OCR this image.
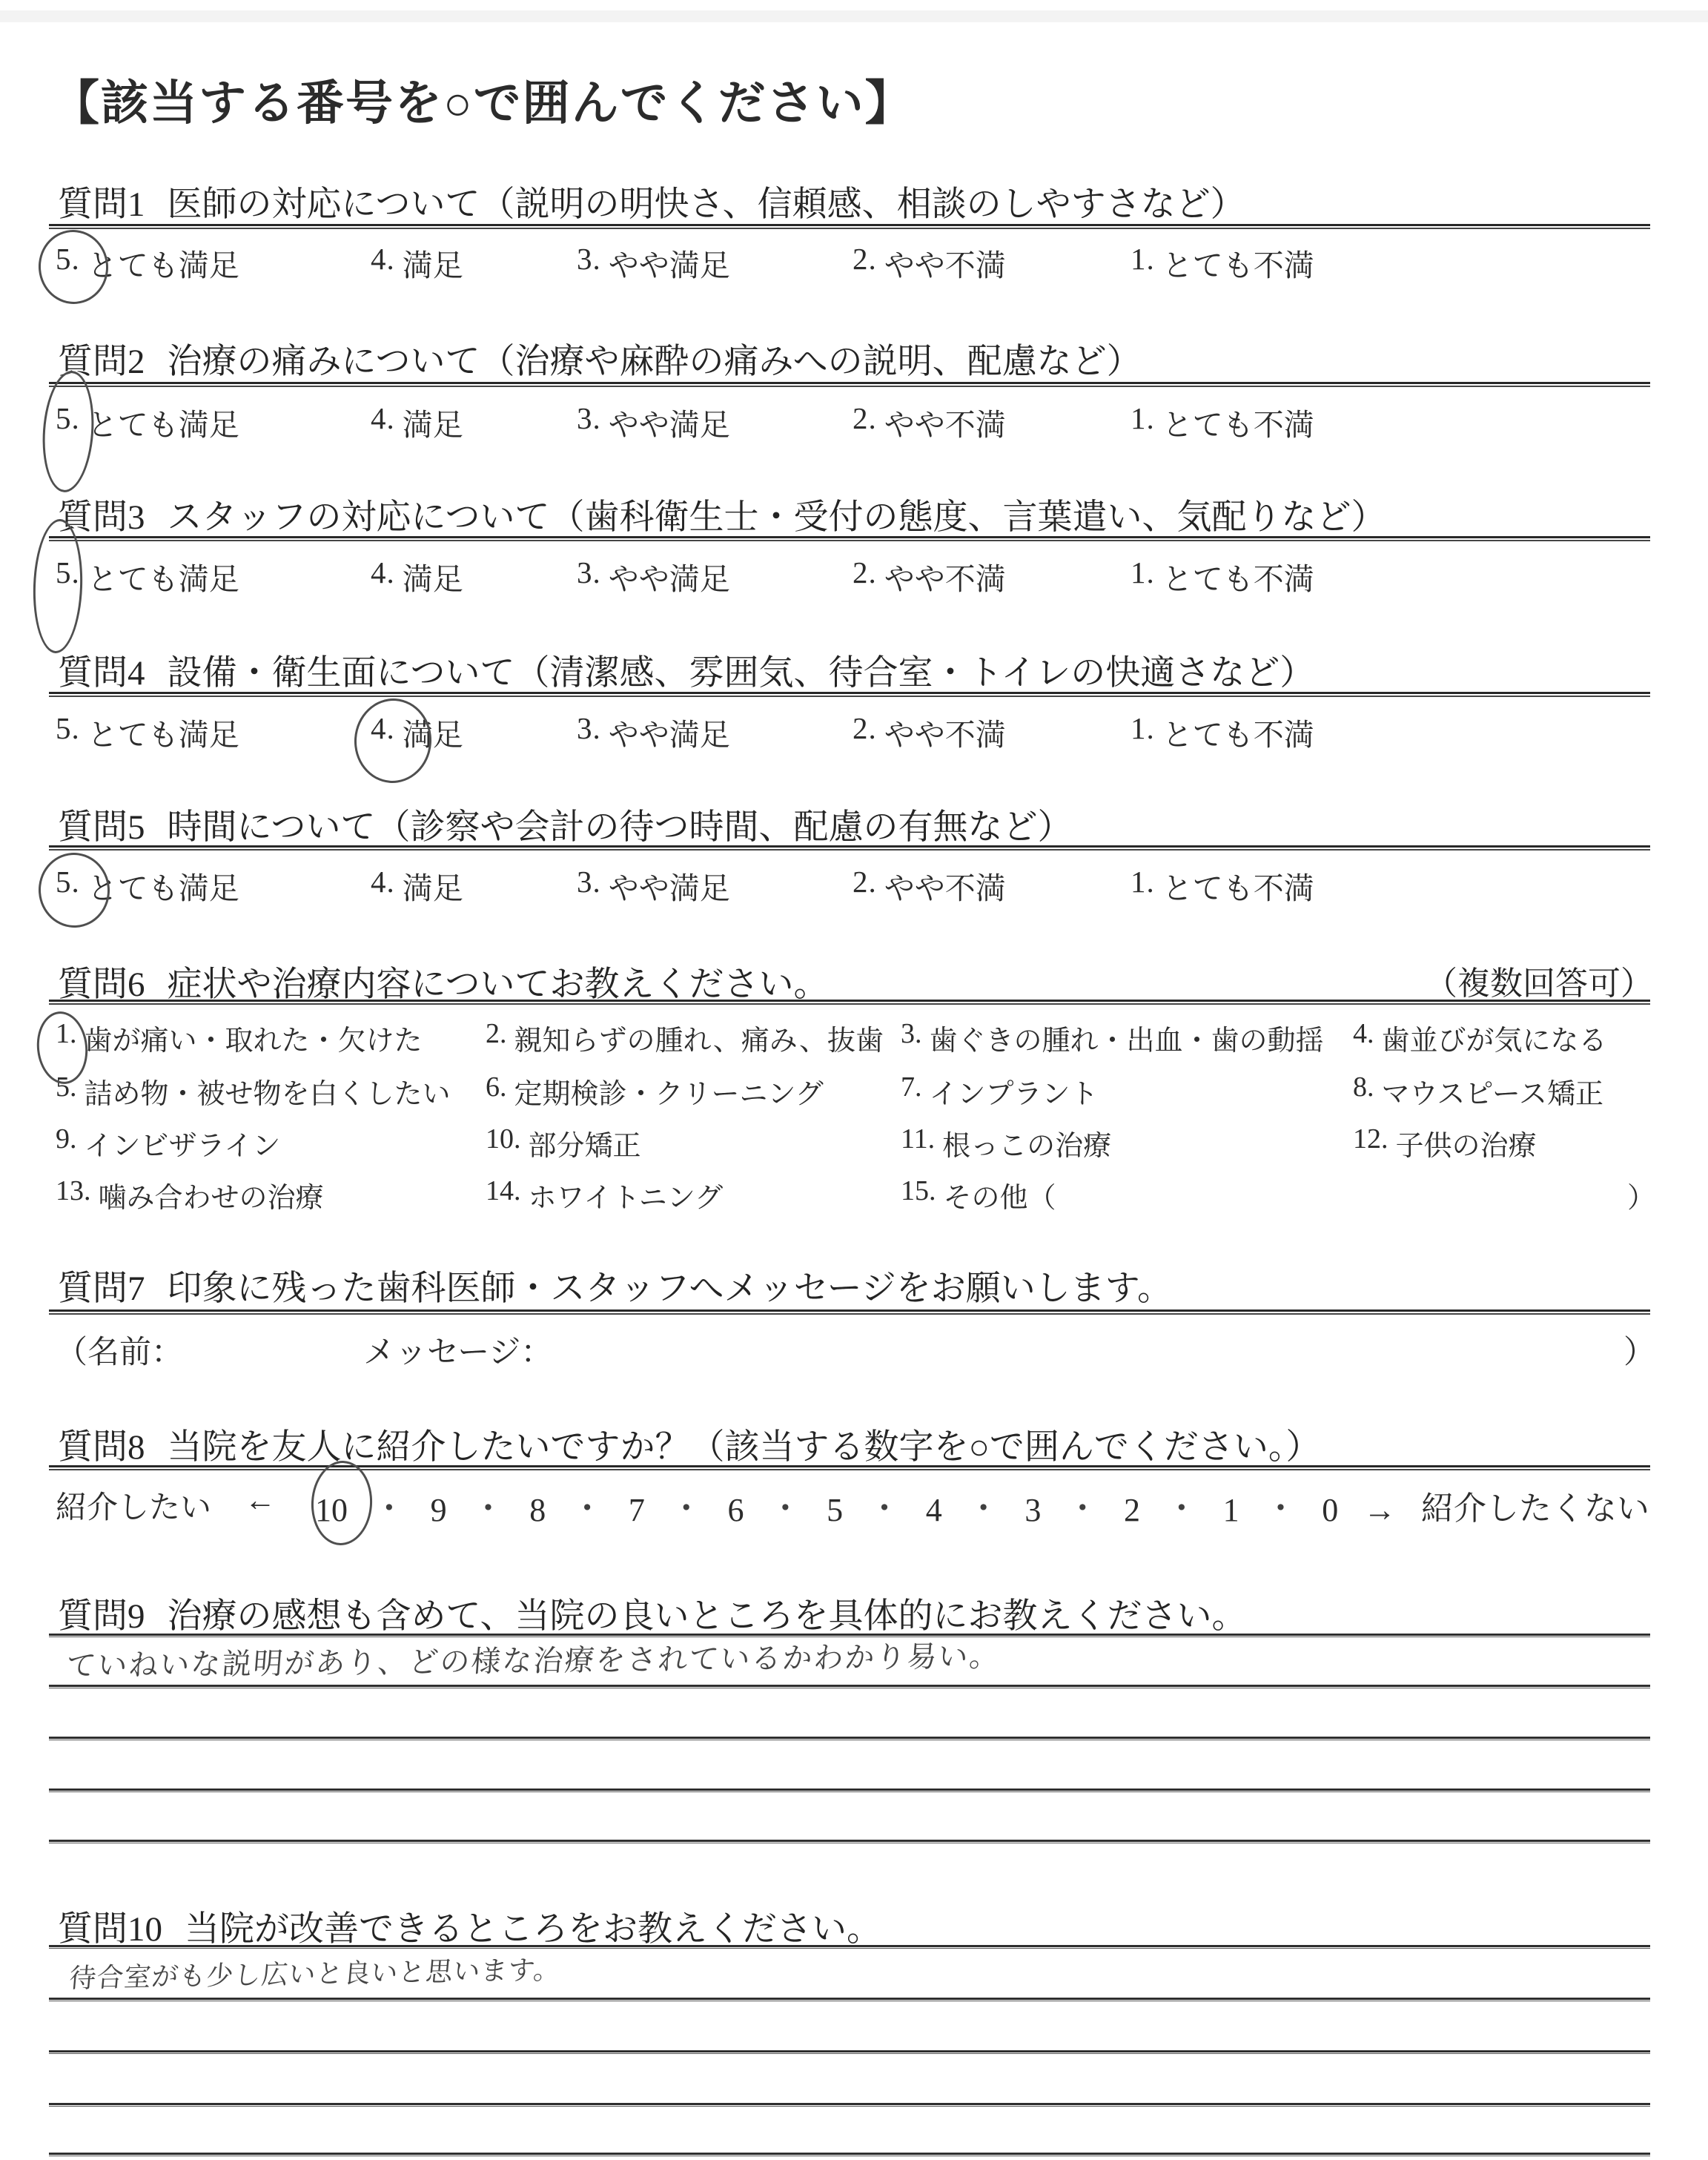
【該当する番号を○で囲んでください】
質問1 医師の対応について（説明の明快さ、信頼感、相談のしやすさなど）
5. とても満足	4. 満足	3. やや満足	2. やや不満	1. とても不満
質問2 治療の痛みについて（治療や麻酔の痛みへの説明、配慮など）
5. とても満足	4. 満足	3. やや満足	2. やや不満	1. とても不満
質問3 スタッフの対応について（歯科衛生士・受付の態度、言葉遣い、気配りなど）
5. とても満足	4. 満足	3. やや満足	2. やや不満	1. とても不満
質問4 設備・衛生面について（清潔感、雰囲気、待合室・トイレの快適さなど）
5. とても満足	4. 満足	3. やや満足	2. やや不満	1. とても不満
質問5 時間について（診察や会計の待つ時間、配慮の有無など）
5. とても満足	4. 満足	3. やや満足	2. やや不満	1. とても不満
質問6 症状や治療内容についてお教えください。	（複数回答可）
1. 歯が痛い・取れた・欠けた 2. 親知らずの腫れ、痛み、抜歯 3. 歯ぐきの腫れ・出血・歯の動揺 4. 歯並びが気になる
5. 詰め物・被せ物を白くしたい 6. 定期検診・クリーニング	7. インプラント	8. マウスピース矯正
9. インビザライン	10. 部分矯正	11. 根っこの治療	12. 子供の治療
13. 噛み合わせの治療	14. ホワイトニング	15. その他（	）
質問7 印象に残った歯科医師・スタッフへメッセージをお願いします。
（名前：	メッセージ：	）
質問8 当院を友人に紹介したいですか？（該当する数字を○で囲んでください。）
紹介したい ← 10 ・ 9 ・ 8 ・ 7 ・ 6 ・ 5 ・ 4 ・ 3 ・ 2 ・ 1 ・ 0 → 紹介したくない
質問9 治療の感想も含めて、当院の良いところを具体的にお教えください。
ていねいな説明があり、どの様な治療をされているかわかり易い。
質問10 当院が改善できるところをお教えください。
待合室がも少し広いと良いと思います。
